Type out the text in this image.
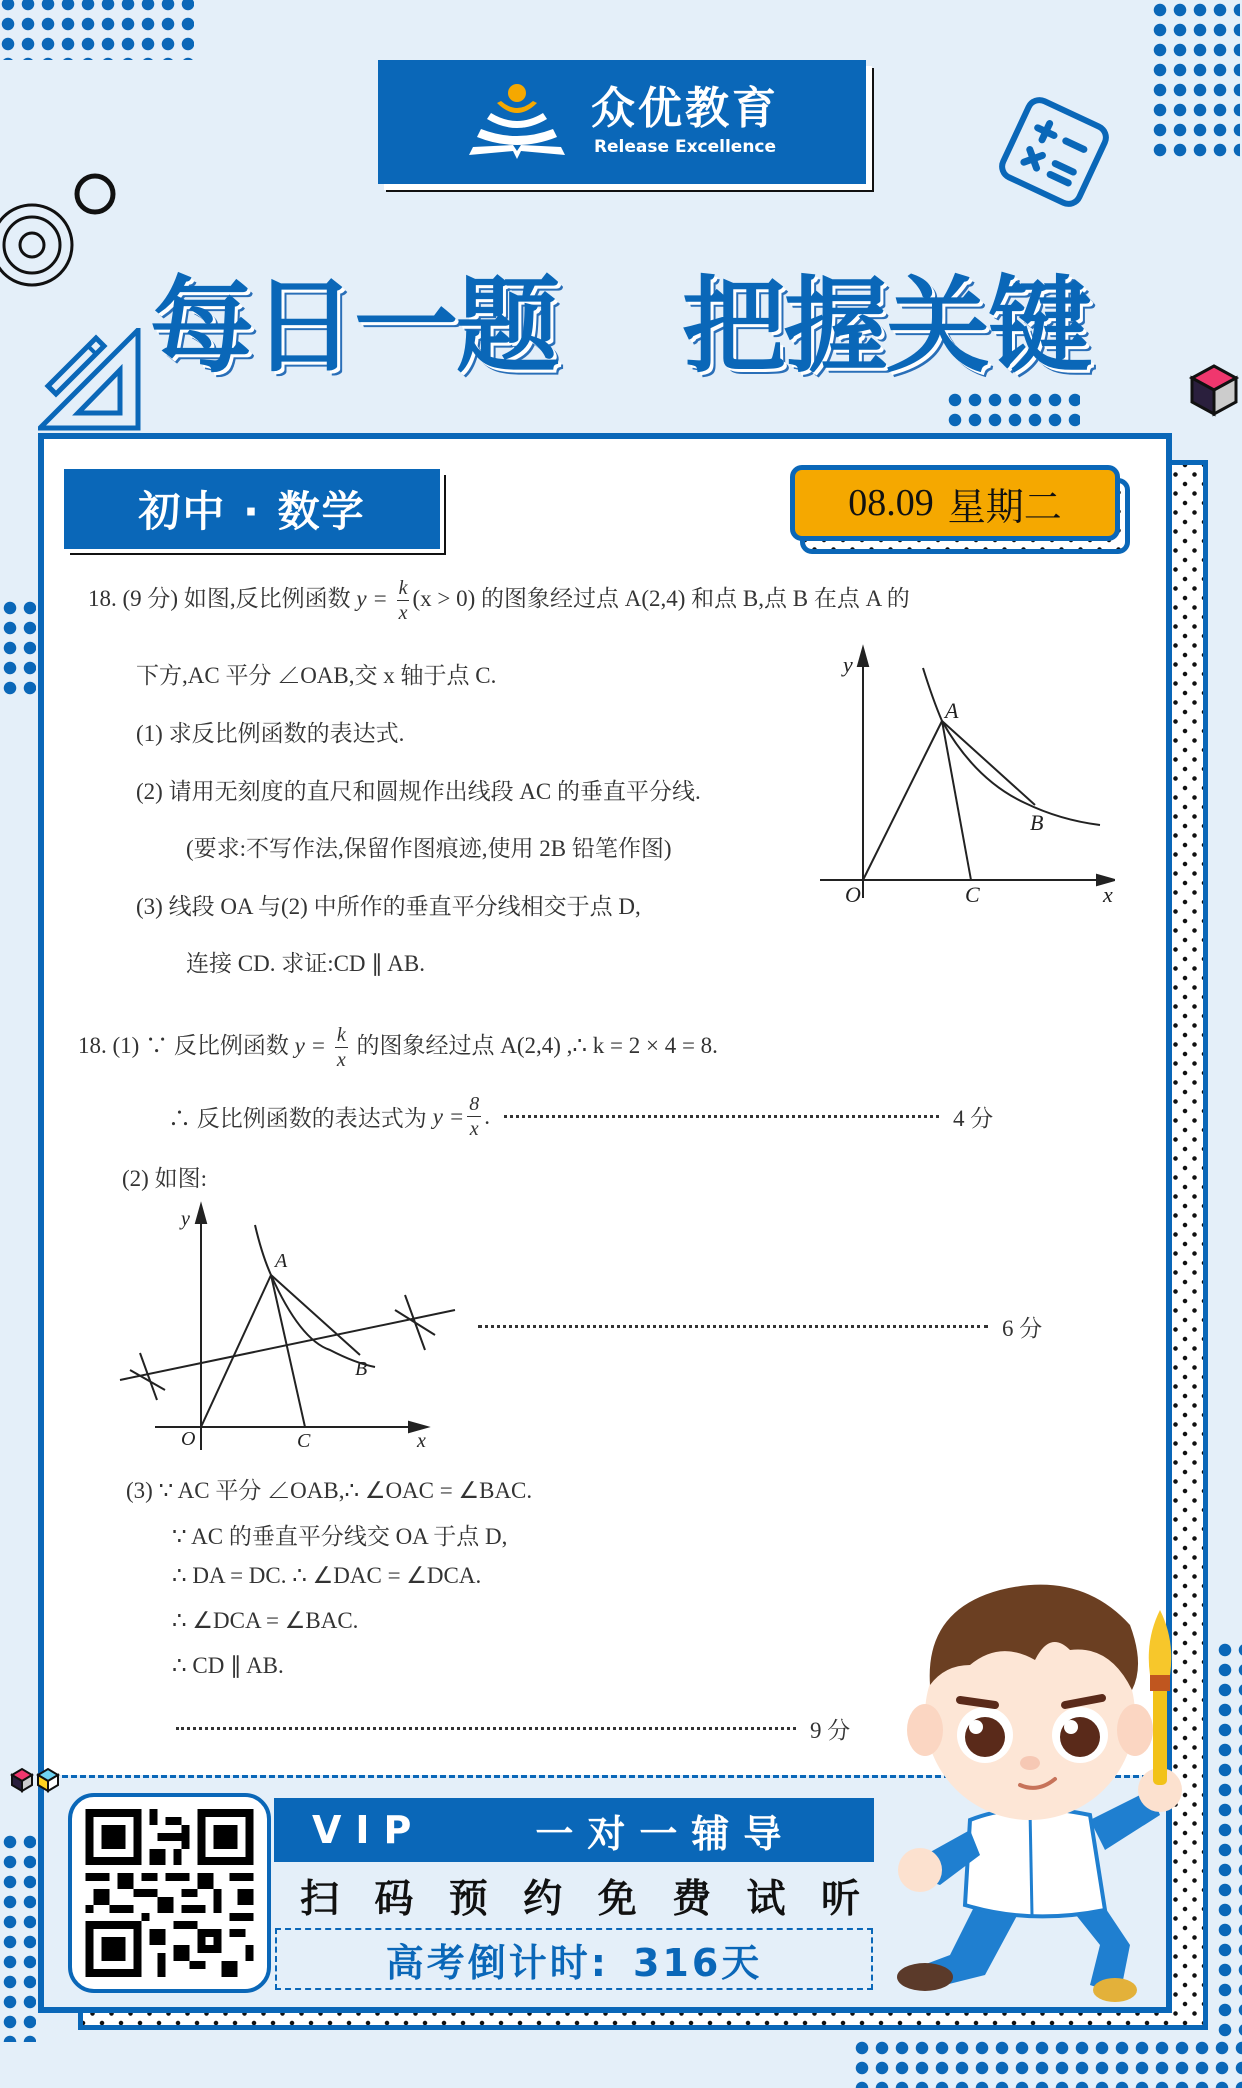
众优教育
Release Excellence
每日一题 把握关键
初中 · 数学	08.09 星期二
18. (9 分) 如图,反比例函数 $y = \frac{k}{x} (x > 0)$ 的图象经过点 A(2,4) 和点 B,点 B 在点 A 的
下方,AC 平分 ∠OAB,交 x 轴于点 C.
(1) 求反比例函数的表达式.
(2) 请用无刻度的直尺和圆规作出线段 AC 的垂直平分线.
(要求:不写作法,保留作图痕迹,使用 2B 铅笔作图)
(3) 线段 OA 与(2) 中所作的垂直平分线相交于点 D,
连接 CD. 求证:CD ∥ AB.
y
A
B
O	C	x
18. (1) ∵ 反比例函数 $y = \frac{k}{x}$ 的图象经过点 A(2,4) ,∴ k = 2 × 4 = 8.
∴ 反比例函数的表达式为 $y = \frac{8}{x}$ .	4 分
(2) 如图:
6 分
(3) ∵ AC 平分 ∠OAB,∴ ∠OAC = ∠BAC.
∵ AC 的垂直平分线交 OA 于点 D,
∴ DA = DC. ∴ ∠DAC = ∠DCA.
∴ ∠DCA = ∠BAC.
∴ CD ∥ AB.
9 分
y
A
B
O	C	x
VIP	一对一辅导
扫 码 预 约 免 费 试 听
高考倒计时: 316天
